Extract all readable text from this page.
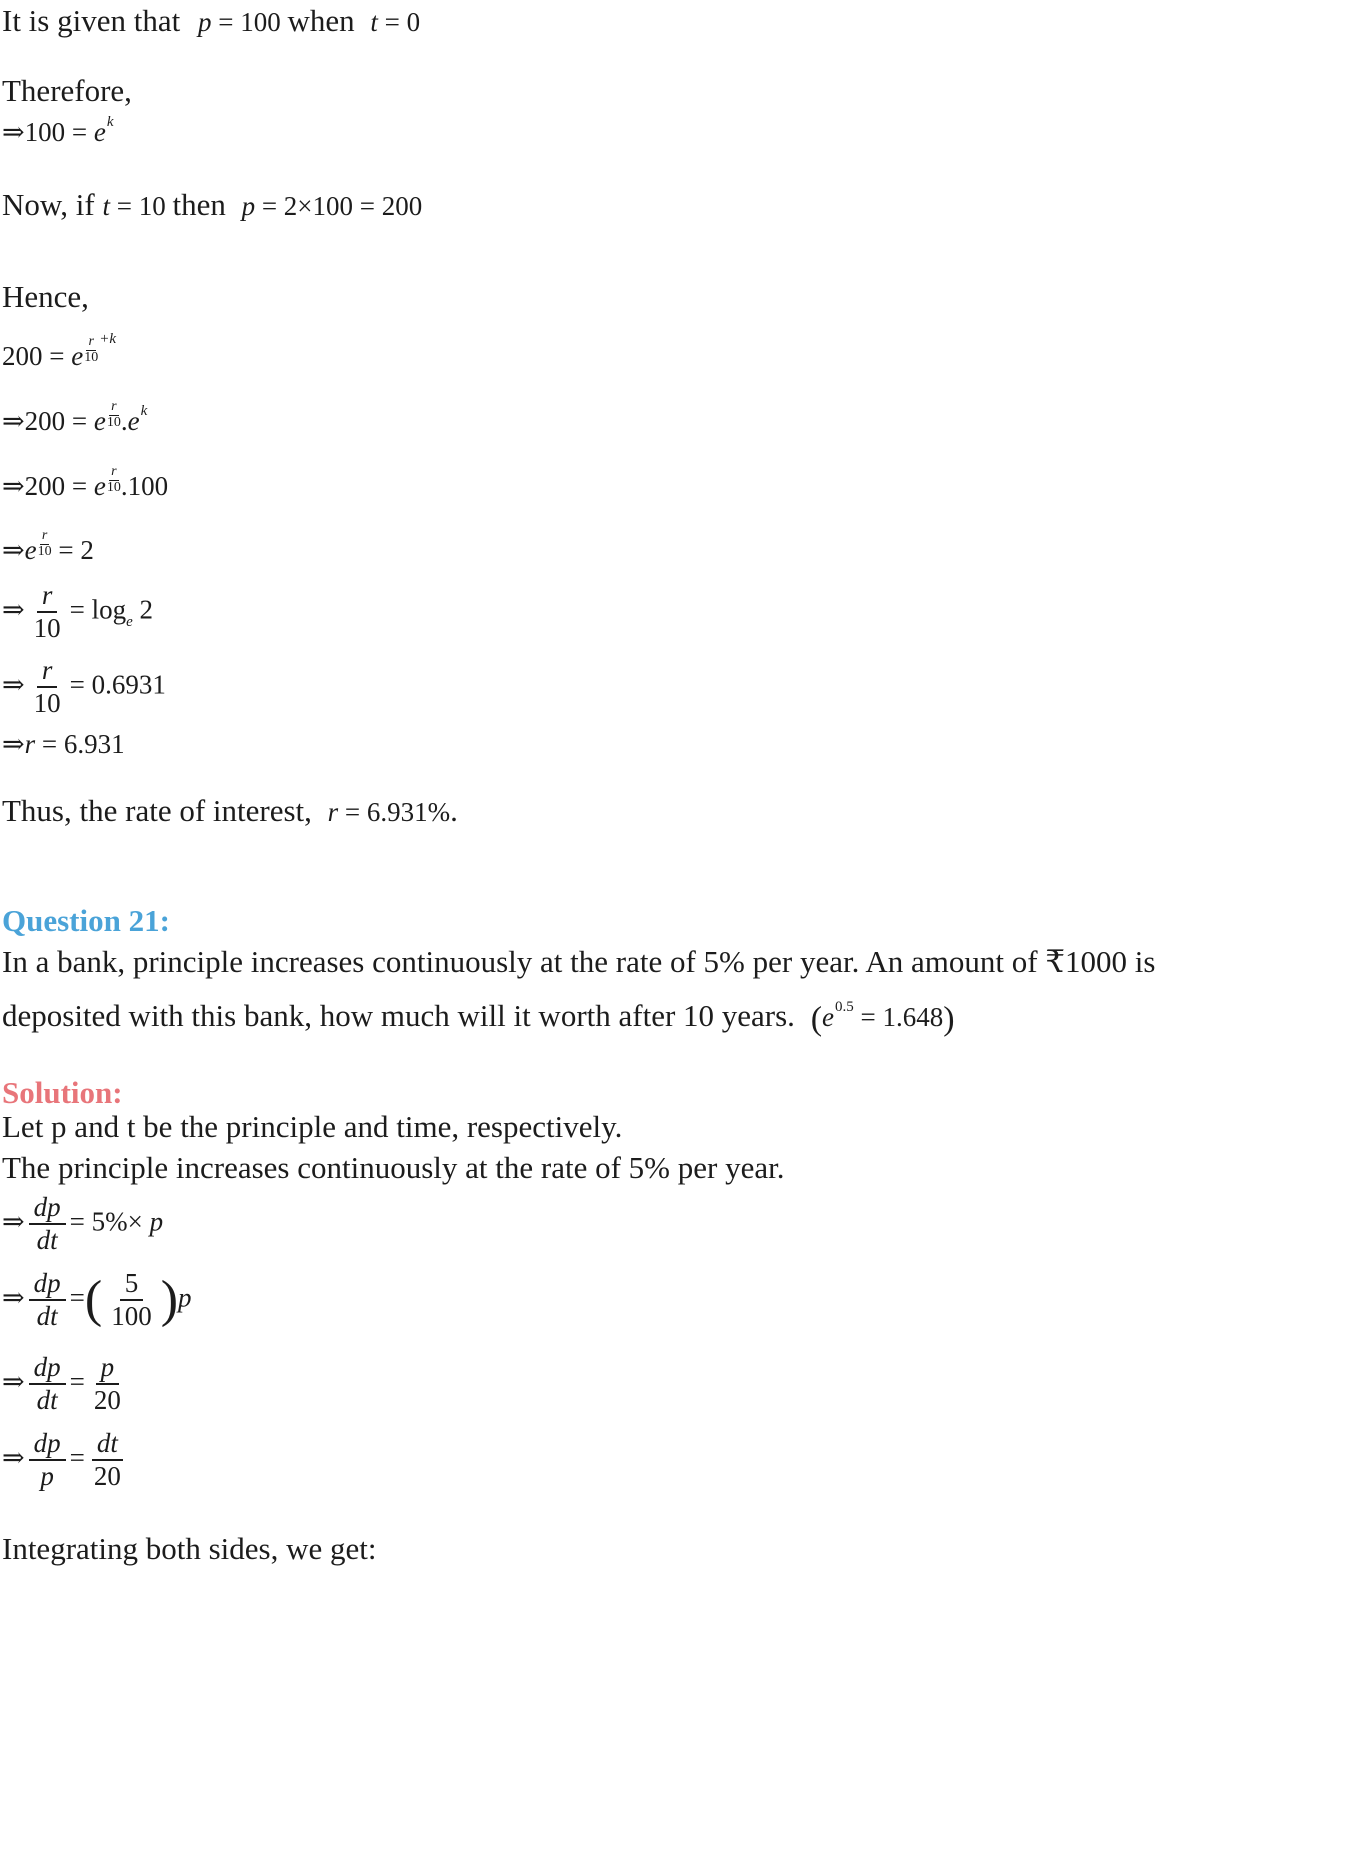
It is given that p = 100 when t = 0
Therefore,
⇒100 = $e^k$
Now, if t = 10 then p = 2×100 = 200
Hence,
200 = e $\frac{r}{10} ^{+k}$
⇒200 = e $\frac{r}{10} .e^k$
⇒200 = e $\frac{r}{10} .100$
⇒e $\frac{r}{10} = 2$
⇒ $\frac{r}{10} = \log_e 2$
⇒ $\frac{r}{10} = 0.6931$
⇒r = 6.931
Thus, the rate of interest, r = 6.931%.
Question 21:
In a bank, principle increases continuously at the rate of 5% per year. An amount of ₹1000 is
deposited with this bank, how much will it worth after 10 years. $(e^{0.5} = 1.648)$
Solution:
Let p and t be the principle and time, respectively.
The principle increases continuously at the rate of 5% per year.
⇒ $\frac{dp}{dt} = 5\%\times p$
⇒ $\frac{dp}{dt}$ =( $\frac{5}{100} )p$
⇒ $\frac{dp}{dt} = \frac{p}{20}$
⇒ $\frac{dp}{p} = \frac{dt}{20}$
Integrating both sides, we get:
